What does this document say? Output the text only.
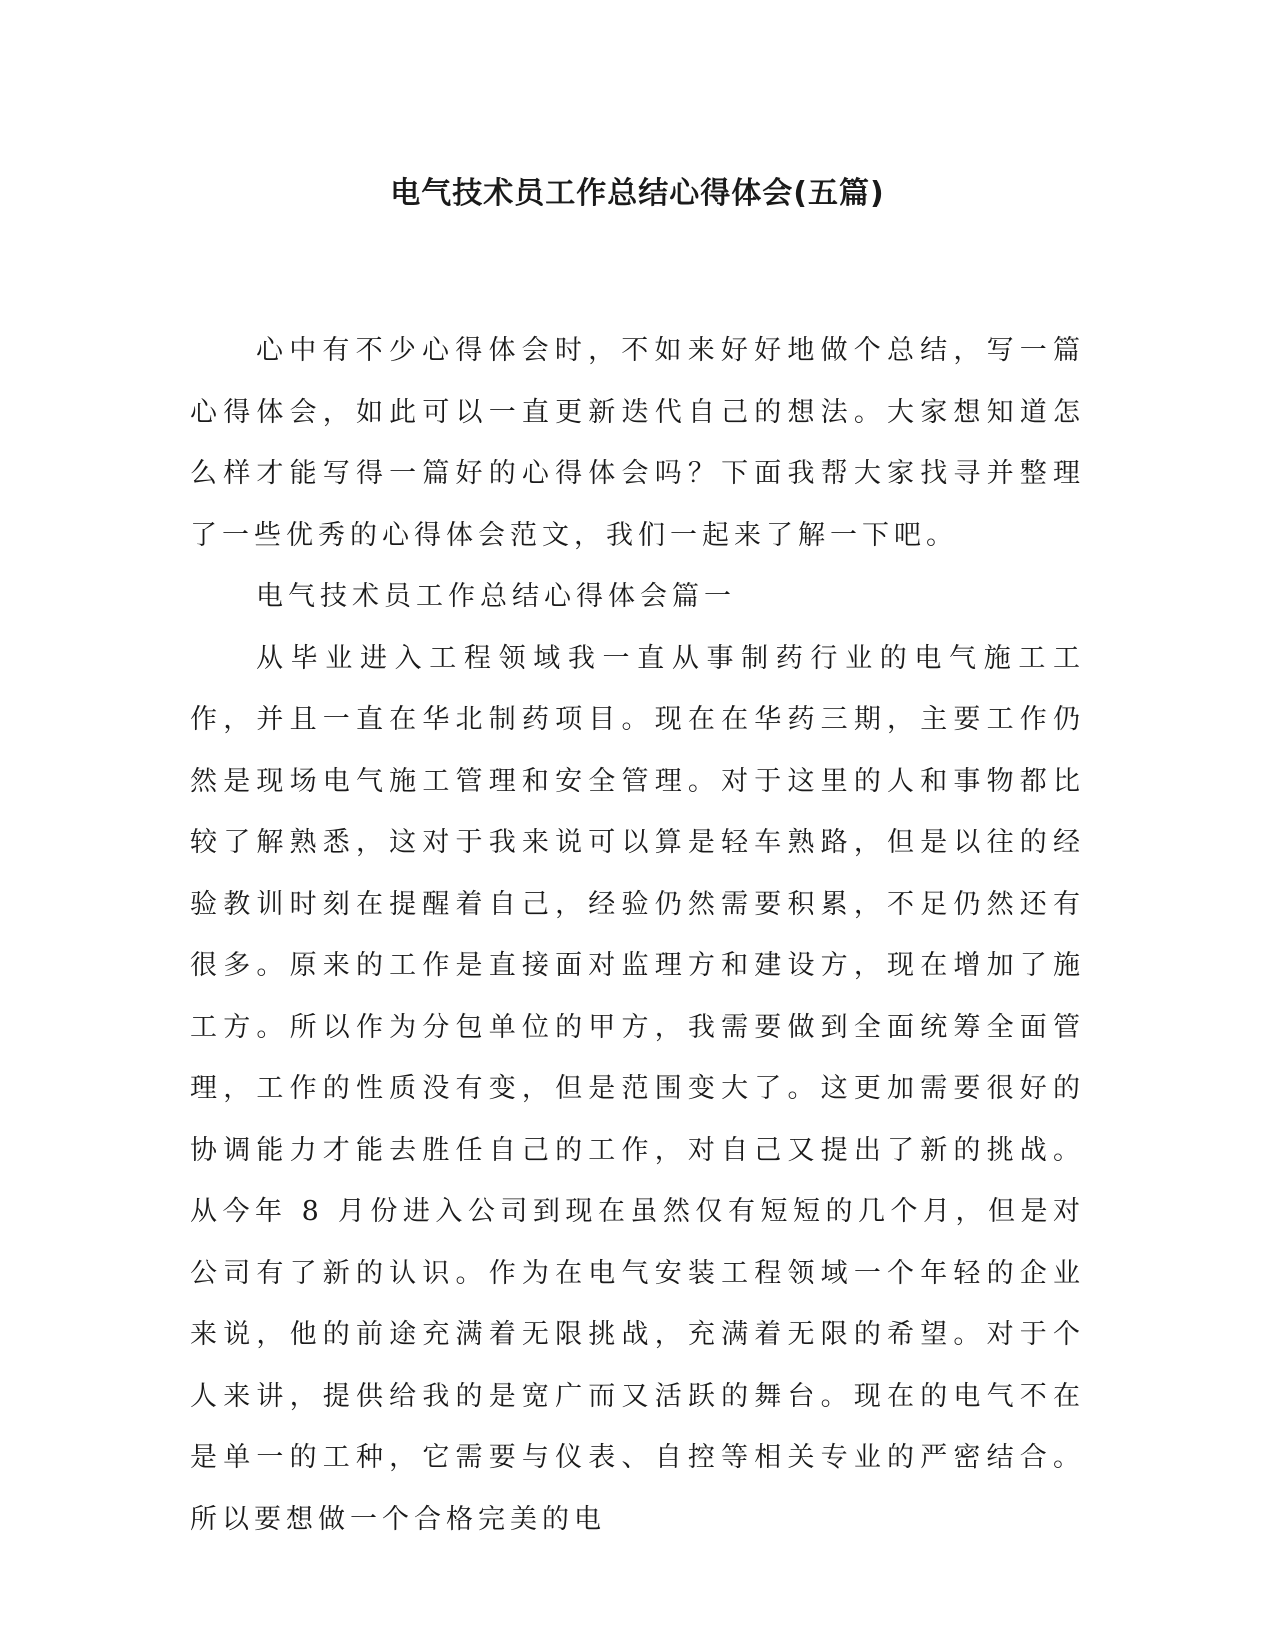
电气技术员工作总结心得体会(五篇)

心中有不少心得体会时，不如来好好地做个总结，写一篇心得体会，如此可以一直更新迭代自己的想法。大家想知道怎么样才能写得一篇好的心得体会吗？下面我帮大家找寻并整理了一些优秀的心得体会范文，我们一起来了解一下吧。

电气技术员工作总结心得体会篇一

从毕业进入工程领域我一直从事制药行业的电气施工工作，并且一直在华北制药项目。现在在华药三期，主要工作仍然是现场电气施工管理和安全管理。对于这里的人和事物都比较了解熟悉，这对于我来说可以算是轻车熟路，但是以往的经验教训时刻在提醒着自己，经验仍然需要积累，不足仍然还有很多。原来的工作是直接面对监理方和建设方，现在增加了施工方。所以作为分包单位的甲方，我需要做到全面统筹全面管理，工作的性质没有变，但是范围变大了。这更加需要很好的协调能力才能去胜任自己的工作，对自己又提出了新的挑战。从今年 8 月份进入公司到现在虽然仅有短短的几个月，但是对公司有了新的认识。作为在电气安装工程领域一个年轻的企业来说，他的前途充满着无限挑战，充满着无限的希望。对于个人来讲，提供给我的是宽广而又活跃的舞台。现在的电气不在是单一的工种，它需要与仪表、自控等相关专业的严密结合。所以要想做一个合格完美的电
